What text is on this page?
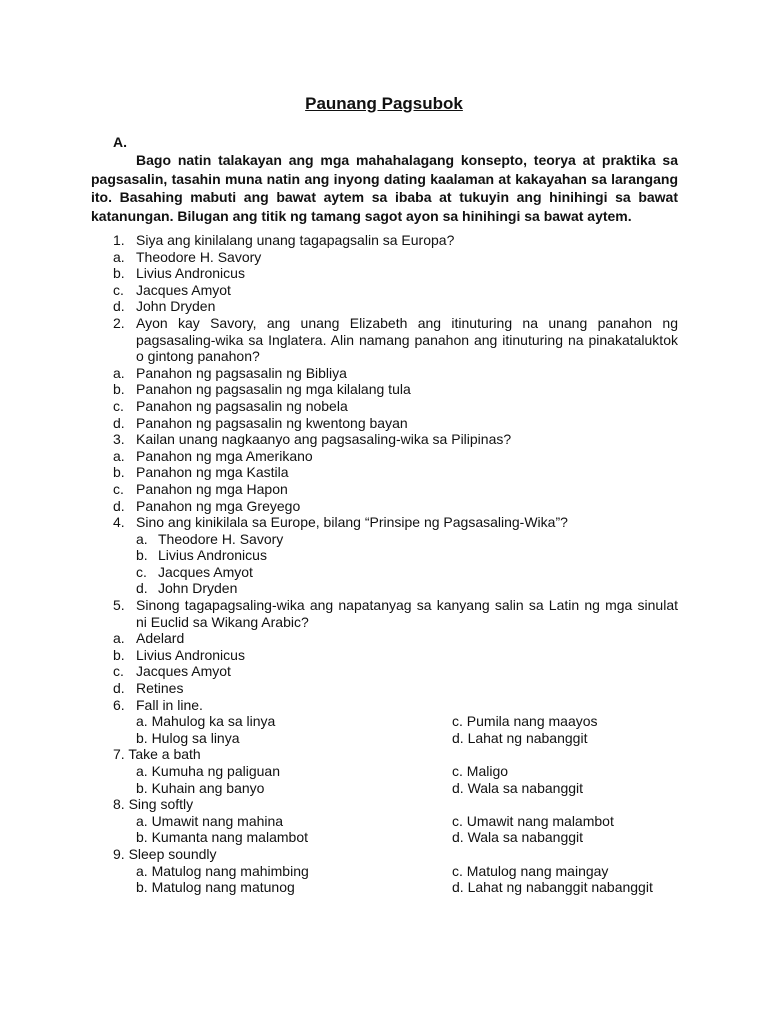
Paunang Pagsubok
A.
Bago natin talakayan ang mga mahahalagang konsepto, teorya at praktika sa pagsasalin, tasahin muna natin ang inyong dating kaalaman at kakayahan sa larangang ito. Basahing mabuti ang bawat aytem sa ibaba at tukuyin ang hinihingi sa bawat katanungan. Bilugan ang titik ng tamang sagot ayon sa hinihingi sa bawat aytem.
1. Siya ang kinilalang unang tagapagsalin sa Europa?
a. Theodore H. Savory
b. Livius Andronicus
c. Jacques Amyot
d. John Dryden
2. Ayon kay Savory, ang unang Elizabeth ang itinuturing na unang panahon ng pagsasaling-wika sa Inglatera. Alin namang panahon ang itinuturing na pinakataluktok o gintong panahon?
a. Panahon ng pagsasalin ng Bibliya
b. Panahon ng pagsasalin ng mga kilalang tula
c. Panahon ng pagsasalin ng nobela
d. Panahon ng pagsasalin ng kwentong bayan
3. Kailan unang nagkaanyo ang pagsasaling-wika sa Pilipinas?
a. Panahon ng mga Amerikano
b. Panahon ng mga Kastila
c. Panahon ng mga Hapon
d. Panahon ng mga Greyego
4. Sino ang kinikilala sa Europe, bilang “Prinsipe ng Pagsasaling-Wika”?
a. Theodore H. Savory
b. Livius Andronicus
c. Jacques Amyot
d. John Dryden
5. Sinong tagapagsaling-wika ang napatanyag sa kanyang salin sa Latin ng mga sinulat ni Euclid sa Wikang Arabic?
a. Adelard
b. Livius Andronicus
c. Jacques Amyot
d. Retines
6. Fall in line.
a. Mahulog ka sa linya	c. Pumila nang maayos
b. Hulog sa linya	d. Lahat ng nabanggit
7. Take a bath
a. Kumuha ng paliguan	c. Maligo
b. Kuhain ang banyo	d. Wala sa nabanggit
8. Sing softly
a. Umawit nang mahina	c. Umawit nang malambot
b. Kumanta nang malambot	d. Wala sa nabanggit
9. Sleep soundly
a. Matulog nang mahimbing	c. Matulog nang maingay
b. Matulog nang matunog	d. Lahat ng nabanggit nabanggit
